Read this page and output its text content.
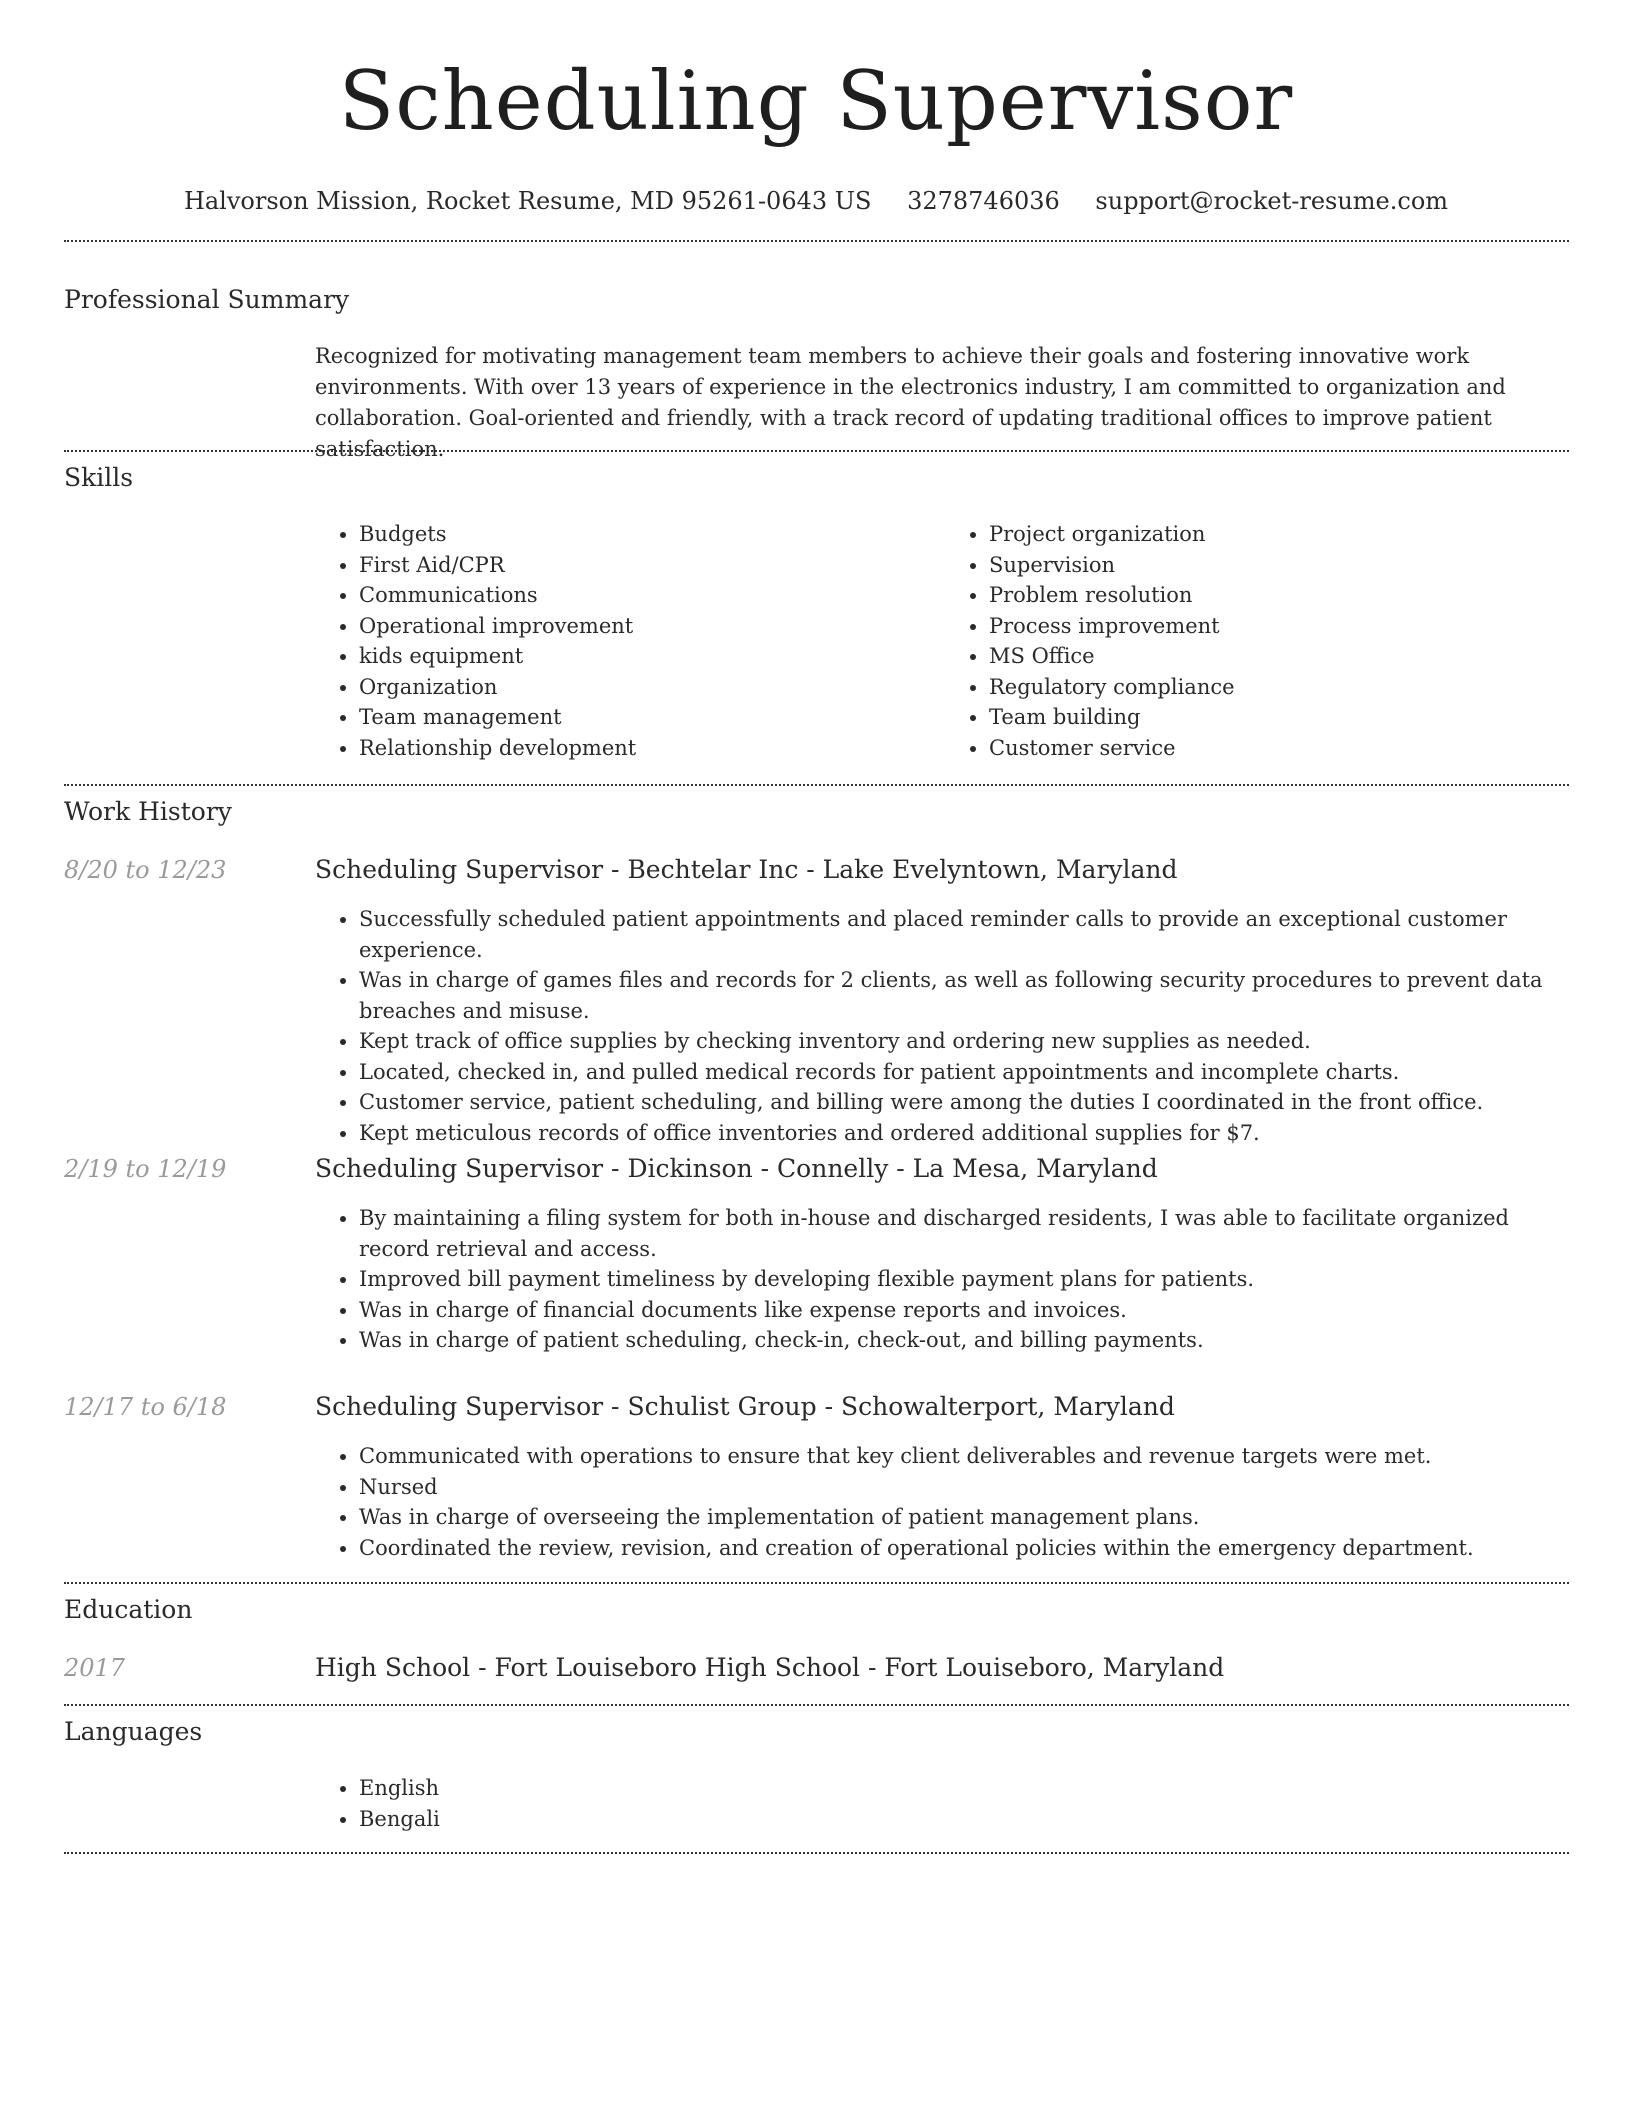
Scheduling Supervisor
Halvorson Mission, Rocket Resume, MD 95261-0643 US 3278746036 support@rocket-resume.com
Professional Summary
Recognized for motivating management team members to achieve their goals and fostering innovative work environments. With over 13 years of experience in the electronics industry, I am committed to organization and collaboration. Goal-oriented and friendly, with a track record of updating traditional offices to improve patient satisfaction.
Skills
• Budgets
• First Aid/CPR
• Communications
• Operational improvement
• kids equipment
• Organization
• Team management
• Relationship development
• Project organization
• Supervision
• Problem resolution
• Process improvement
• MS Office
• Regulatory compliance
• Team building
• Customer service
Work History
8/20 to 12/23	Scheduling Supervisor - Bechtelar Inc - Lake Evelyntown, Maryland
• Successfully scheduled patient appointments and placed reminder calls to provide an exceptional customer experience.
• Was in charge of games files and records for 2 clients, as well as following security procedures to prevent data breaches and misuse.
• Kept track of office supplies by checking inventory and ordering new supplies as needed.
• Located, checked in, and pulled medical records for patient appointments and incomplete charts.
• Customer service, patient scheduling, and billing were among the duties I coordinated in the front office.
• Kept meticulous records of office inventories and ordered additional supplies for $7.
2/19 to 12/19	Scheduling Supervisor - Dickinson - Connelly - La Mesa, Maryland
• By maintaining a filing system for both in-house and discharged residents, I was able to facilitate organized record retrieval and access.
• Improved bill payment timeliness by developing flexible payment plans for patients.
• Was in charge of financial documents like expense reports and invoices.
• Was in charge of patient scheduling, check-in, check-out, and billing payments.
12/17 to 6/18	Scheduling Supervisor - Schulist Group - Schowalterport, Maryland
• Communicated with operations to ensure that key client deliverables and revenue targets were met.
• Nursed
• Was in charge of overseeing the implementation of patient management plans.
• Coordinated the review, revision, and creation of operational policies within the emergency department.
Education
2017	High School - Fort Louiseboro High School - Fort Louiseboro, Maryland
Languages
• English
• Bengali
